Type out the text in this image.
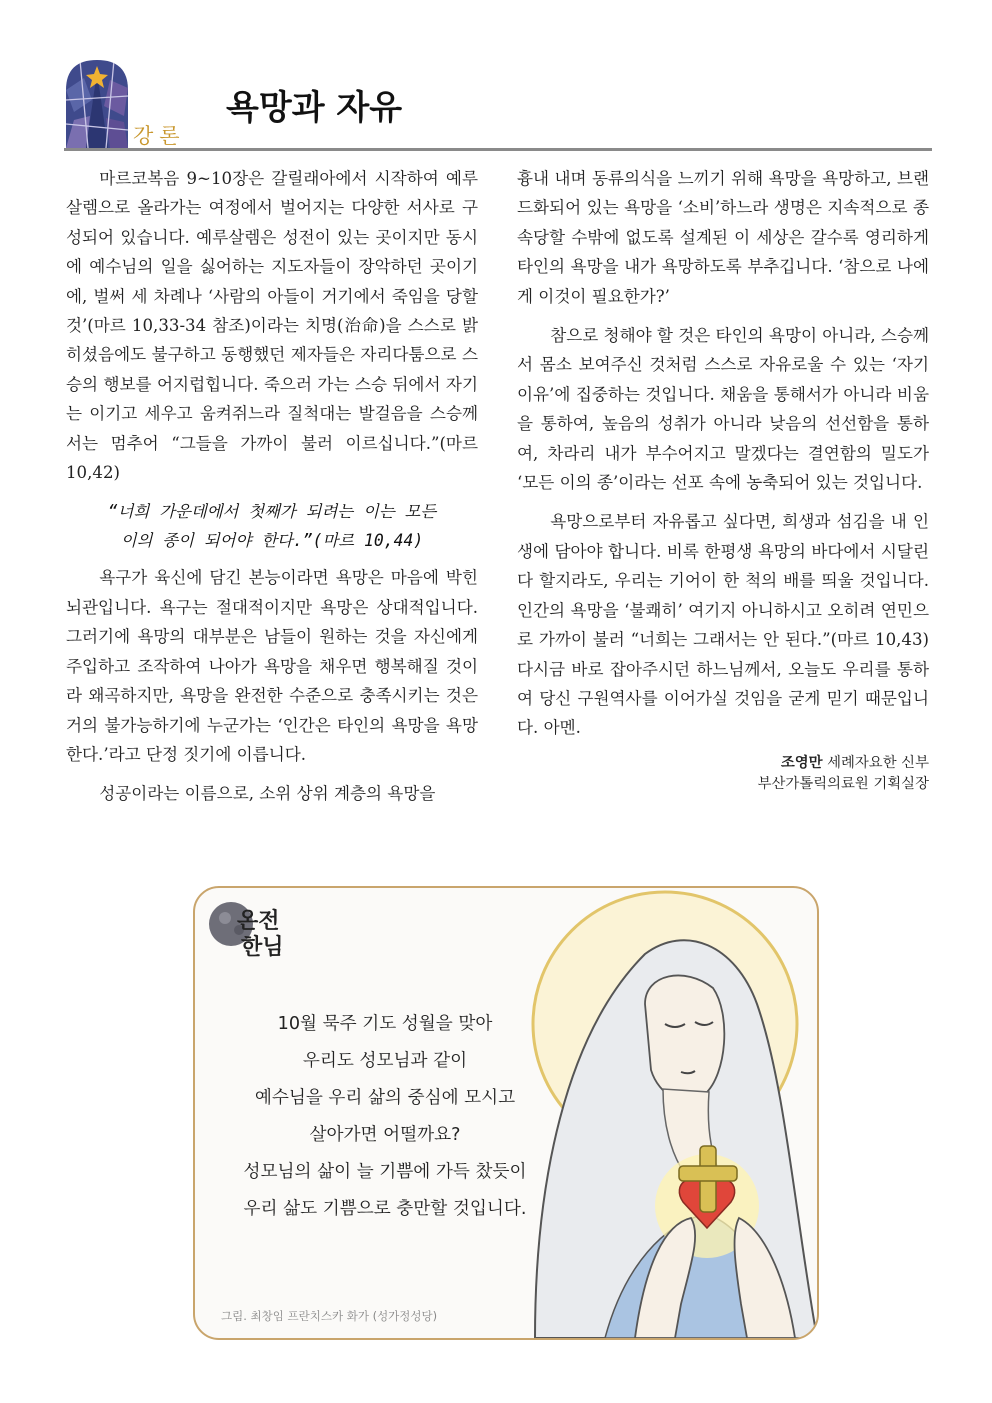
강론
욕망과 자유

마르코복음 9~10장은 갈릴래아에서 시작하여 예루살렘으로 올라가는 여정에서 벌어지는 다양한 서사로 구성되어 있습니다. 예루살렘은 성전이 있는 곳이지만 동시에 예수님의 일을 싫어하는 지도자들이 장악하던 곳이기에, 벌써 세 차례나 ‘사람의 아들이 거기에서 죽임을 당할 것’(마르 10,33-34 참조)이라는 치명(治命)을 스스로 밝히셨음에도 불구하고 동행했던 제자들은 자리다툼으로 스승의 행보를 어지럽힙니다. 죽으러 가는 스승 뒤에서 자기는 이기고 세우고 움켜쥐느라 질척대는 발걸음을 스승께서는 멈추어 “그들을 가까이 불러 이르십니다.”(마르 10,42)

“너희 가운데에서 첫째가 되려는 이는 모든
이의 종이 되어야 한다.”(마르 10,44)

욕구가 육신에 담긴 본능이라면 욕망은 마음에 박힌 뇌관입니다. 욕구는 절대적이지만 욕망은 상대적입니다. 그러기에 욕망의 대부분은 남들이 원하는 것을 자신에게 주입하고 조작하여 나아가 욕망을 채우면 행복해질 것이라 왜곡하지만, 욕망을 완전한 수준으로 충족시키는 것은 거의 불가능하기에 누군가는 ‘인간은 타인의 욕망을 욕망한다.’라고 단정 짓기에 이릅니다.

성공이라는 이름으로, 소위 상위 계층의 욕망을

흉내 내며 동류의식을 느끼기 위해 욕망을 욕망하고, 브랜드화되어 있는 욕망을 ‘소비’하느라 생명은 지속적으로 종속당할 수밖에 없도록 설계된 이 세상은 갈수록 영리하게 타인의 욕망을 내가 욕망하도록 부추깁니다. ‘참으로 나에게 이것이 필요한가?’

참으로 청해야 할 것은 타인의 욕망이 아니라, 스승께서 몸소 보여주신 것처럼 스스로 자유로울 수 있는 ‘자기 이유’에 집중하는 것입니다. 채움을 통해서가 아니라 비움을 통하여, 높음의 성취가 아니라 낮음의 선선함을 통하여, 차라리 내가 부수어지고 말겠다는 결연함의 밀도가 ‘모든 이의 종’이라는 선포 속에 농축되어 있는 것입니다.

욕망으로부터 자유롭고 싶다면, 희생과 섬김을 내 인생에 담아야 합니다. 비록 한평생 욕망의 바다에서 시달린다 할지라도, 우리는 기어이 한 척의 배를 띄울 것입니다. 인간의 욕망을 ‘불쾌히’ 여기지 아니하시고 오히려 연민으로 가까이 불러 “너희는 그래서는 안 된다.”(마르 10,43) 다시금 바로 잡아주시던 하느님께서, 오늘도 우리를 통하여 당신 구원역사를 이어가실 것임을 굳게 믿기 때문입니다. 아멘.

조영만 세례자요한 신부
부산가톨릭의료원 기획실장
온전
한님
10월 묵주 기도 성월을 맞아
우리도 성모님과 같이
예수님을 우리 삶의 중심에 모시고
살아가면 어떨까요?
성모님의 삶이 늘 기쁨에 가득 찼듯이
우리 삶도 기쁨으로 충만할 것입니다.
그림. 최창임 프란치스카 화가 (성가정성당)
